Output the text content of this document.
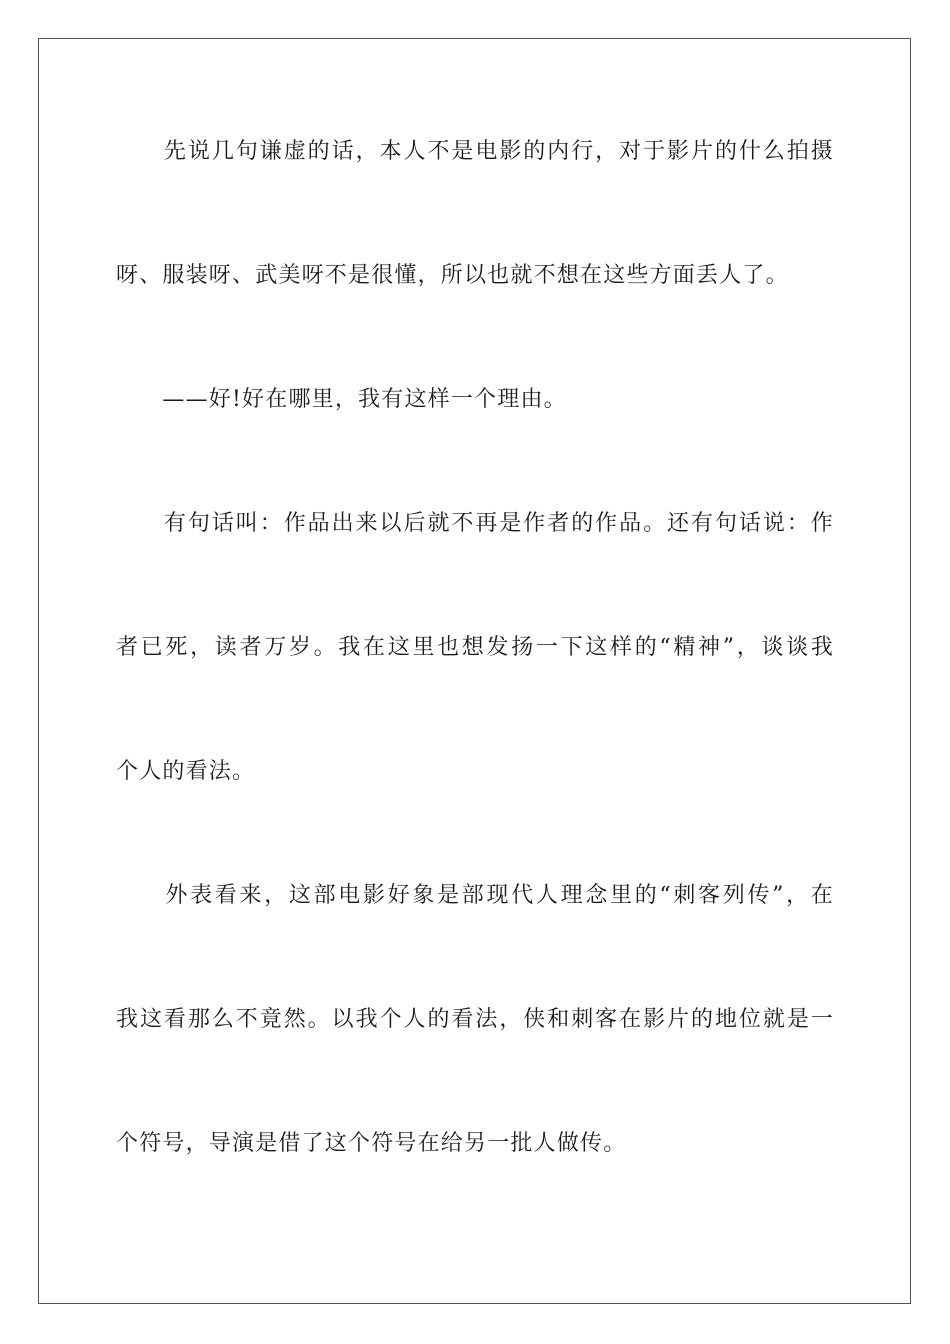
　　先说几句谦虚的话，本人不是电影的内行，对于影片的什么拍摄
呀、服装呀、武美呀不是很懂，所以也就不想在这些方面丢人了。
　　——好!好在哪里，我有这样一个理由。
　　有句话叫：作品出来以后就不再是作者的作品。还有句话说：作
者已死，读者万岁。我在这里也想发扬一下这样的“精神”，谈谈我
个人的看法。
　　外表看来，这部电影好象是部现代人理念里的“刺客列传”，在
我这看那么不竟然。以我个人的看法，侠和刺客在影片的地位就是一
个符号，导演是借了这个符号在给另一批人做传。
